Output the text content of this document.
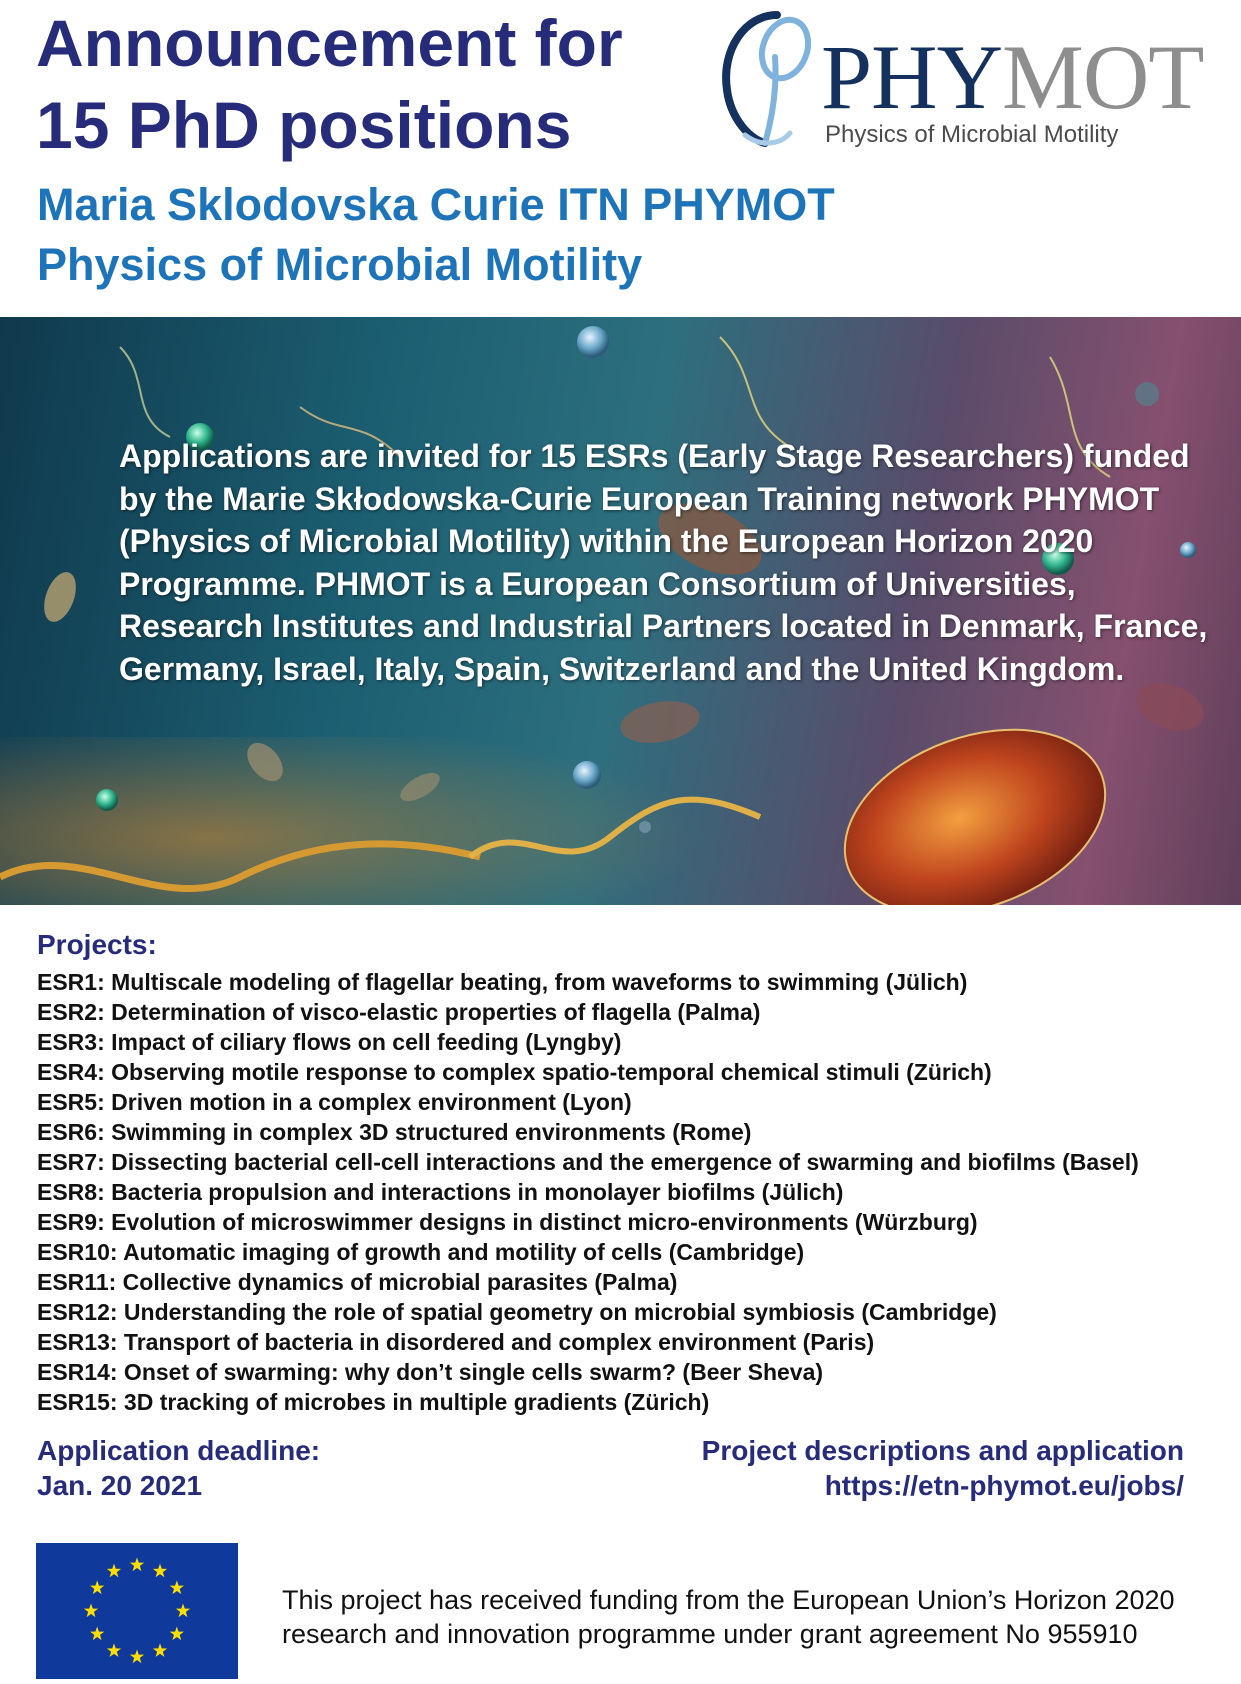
Announcement for
15 PhD positions	PHYMOT

Physics of Microbial Motility

Maria Sklodovska Curie ITN PHYMOT
Physics of Microbial Motility

Applications are invited for 15 ESRs (Early Stage Researchers) funded by the Marie Skłodowska-Curie European Training network PHYMOT (Physics of Microbial Motility) within the European Horizon 2020 Programme. PHMOT is a European Consortium of Universities, Research Institutes and Industrial Partners located in Denmark, France, Germany, Israel, Italy, Spain, Switzerland and the United Kingdom.

Projects:
ESR1: Multiscale modeling of flagellar beating, from waveforms to swimming (Jülich)
ESR2: Determination of visco-elastic properties of flagella (Palma)
ESR3: Impact of ciliary flows on cell feeding (Lyngby)
ESR4: Observing motile response to complex spatio-temporal chemical stimuli (Zürich)
ESR5: Driven motion in a complex environment (Lyon)
ESR6: Swimming in complex 3D structured environments (Rome)
ESR7: Dissecting bacterial cell-cell interactions and the emergence of swarming and biofilms (Basel)
ESR8: Bacteria propulsion and interactions in monolayer biofilms (Jülich)
ESR9: Evolution of microswimmer designs in distinct micro-environments (Würzburg)
ESR10: Automatic imaging of growth and motility of cells (Cambridge)
ESR11: Collective dynamics of microbial parasites (Palma)
ESR12: Understanding the role of spatial geometry on microbial symbiosis (Cambridge)
ESR13: Transport of bacteria in disordered and complex environment (Paris)
ESR14: Onset of swarming: why don’t single cells swarm? (Beer Sheva)
ESR15: 3D tracking of microbes in multiple gradients (Zürich)
Application deadline:
Jan. 20 2021
Project descriptions and application
https://etn-phymot.eu/jobs/

This project has received funding from the European Union’s Horizon 2020
research and innovation programme under grant agreement No 955910
